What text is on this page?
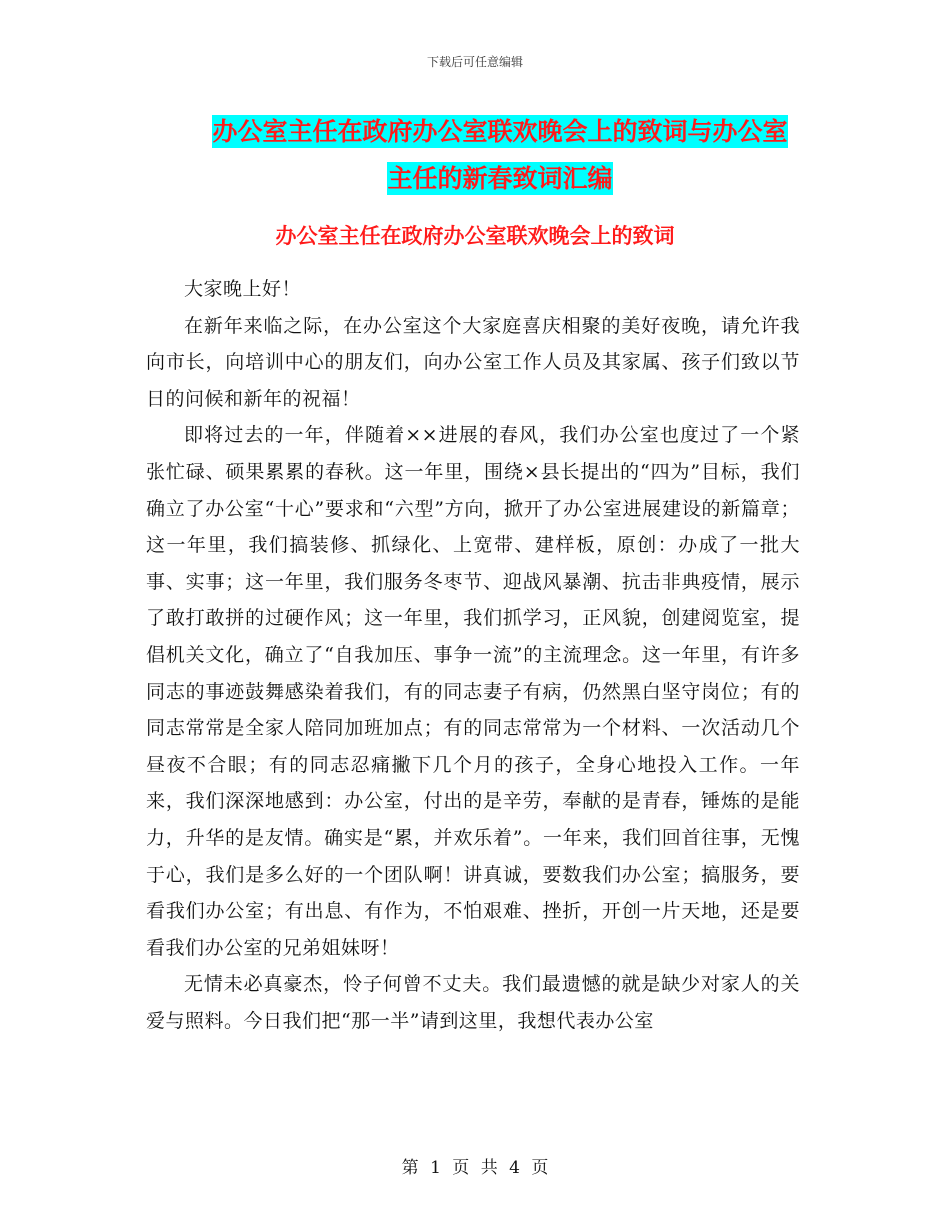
下载后可任意编辑
办公室主任在政府办公室联欢晚会上的致词与办公室
主任的新春致词汇编
办公室主任在政府办公室联欢晚会上的致词

大家晚上好！

在新年来临之际，在办公室这个大家庭喜庆相聚的美好夜晚，请允许我向市长，向培训中心的朋友们，向办公室工作人员及其家属、孩子们致以节日的问候和新年的祝福！

即将过去的一年，伴随着××进展的春风，我们办公室也度过了一个紧张忙碌、硕果累累的春秋。这一年里，围绕×县长提出的“四为”目标，我们确立了办公室“十心”要求和“六型”方向，掀开了办公室进展建设的新篇章；这一年里，我们搞装修、抓绿化、上宽带、建样板，原创：办成了一批大事、实事；这一年里，我们服务冬枣节、迎战风暴潮、抗击非典疫情，展示了敢打敢拼的过硬作风；这一年里，我们抓学习，正风貌，创建阅览室，提倡机关文化，确立了“自我加压、事争一流”的主流理念。这一年里，有许多同志的事迹鼓舞感染着我们，有的同志妻子有病，仍然黑白坚守岗位；有的同志常常是全家人陪同加班加点；有的同志常常为一个材料、一次活动几个昼夜不合眼；有的同志忍痛撇下几个月的孩子，全身心地投入工作。一年来，我们深深地感到：办公室，付出的是辛劳，奉献的是青春，锤炼的是能力，升华的是友情。确实是“累，并欢乐着”。一年来，我们回首往事，无愧于心，我们是多么好的一个团队啊！讲真诚，要数我们办公室；搞服务，要看我们办公室；有出息、有作为，不怕艰难、挫折，开创一片天地，还是要看我们办公室的兄弟姐妹呀！

无情未必真豪杰，怜子何曾不丈夫。我们最遗憾的就是缺少对家人的关爱与照料。今日我们把“那一半”请到这里，我想代表办公室

第 1 页 共 4 页
